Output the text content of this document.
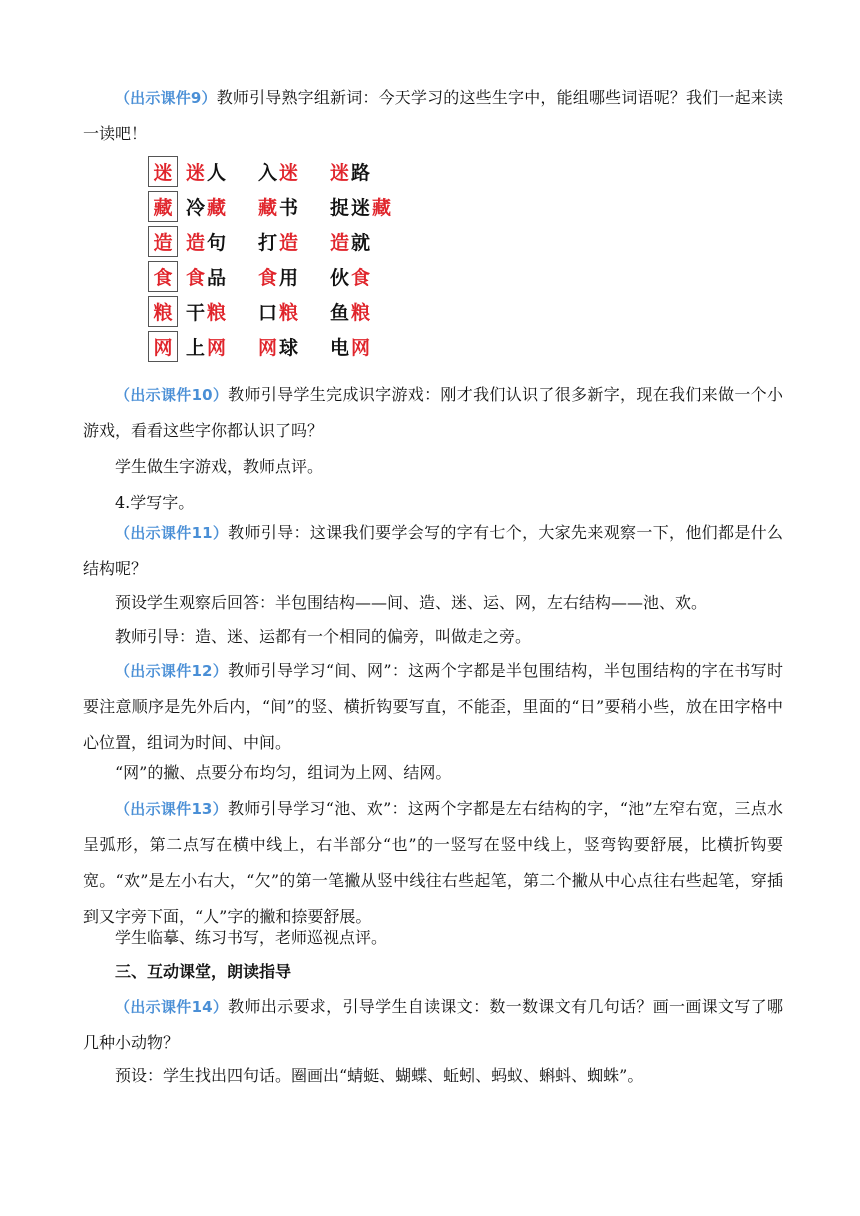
（出示课件9）教师引导熟字组新词：今天学习的这些生字中，能组哪些词语呢？我们一起来读一读吧！

迷 迷人	入迷	迷路
藏 冷藏	藏书	捉迷藏
造 造句	打造	造就
食 食品	食用	伙食
粮 干粮	口粮	鱼粮
网 上网	网球	电网

（出示课件10）教师引导学生完成识字游戏：刚才我们认识了很多新字，现在我们来做一个小游戏，看看这些字你都认识了吗？

学生做生字游戏，教师点评。

4.学写字。

（出示课件11）教师引导：这课我们要学会写的字有七个，大家先来观察一下，他们都是什么结构呢？

预设学生观察后回答：半包围结构——间、造、迷、运、网，左右结构——池、欢。

教师引导：造、迷、运都有一个相同的偏旁，叫做走之旁。

（出示课件12）教师引导学习“间、网”：这两个字都是半包围结构，半包围结构的字在书写时要注意顺序是先外后内，“间”的竖、横折钩要写直，不能歪，里面的“日”要稍小些，放在田字格中心位置，组词为时间、中间。

“网”的撇、点要分布均匀，组词为上网、结网。

（出示课件13）教师引导学习“池、欢”：这两个字都是左右结构的字，“池”左窄右宽，三点水呈弧形，第二点写在横中线上，右半部分“也”的一竖写在竖中线上，竖弯钩要舒展，比横折钩要宽。“欢”是左小右大，“欠”的第一笔撇从竖中线往右些起笔，第二个撇从中心点往右些起笔，穿插到又字旁下面，“人”字的撇和捺要舒展。

学生临摹、练习书写，老师巡视点评。

三、互动课堂，朗读指导

（出示课件14）教师出示要求，引导学生自读课文：数一数课文有几句话？画一画课文写了哪几种小动物？

预设：学生找出四句话。圈画出“蜻蜓、蝴蝶、蚯蚓、蚂蚁、蝌蚪、蜘蛛”。
